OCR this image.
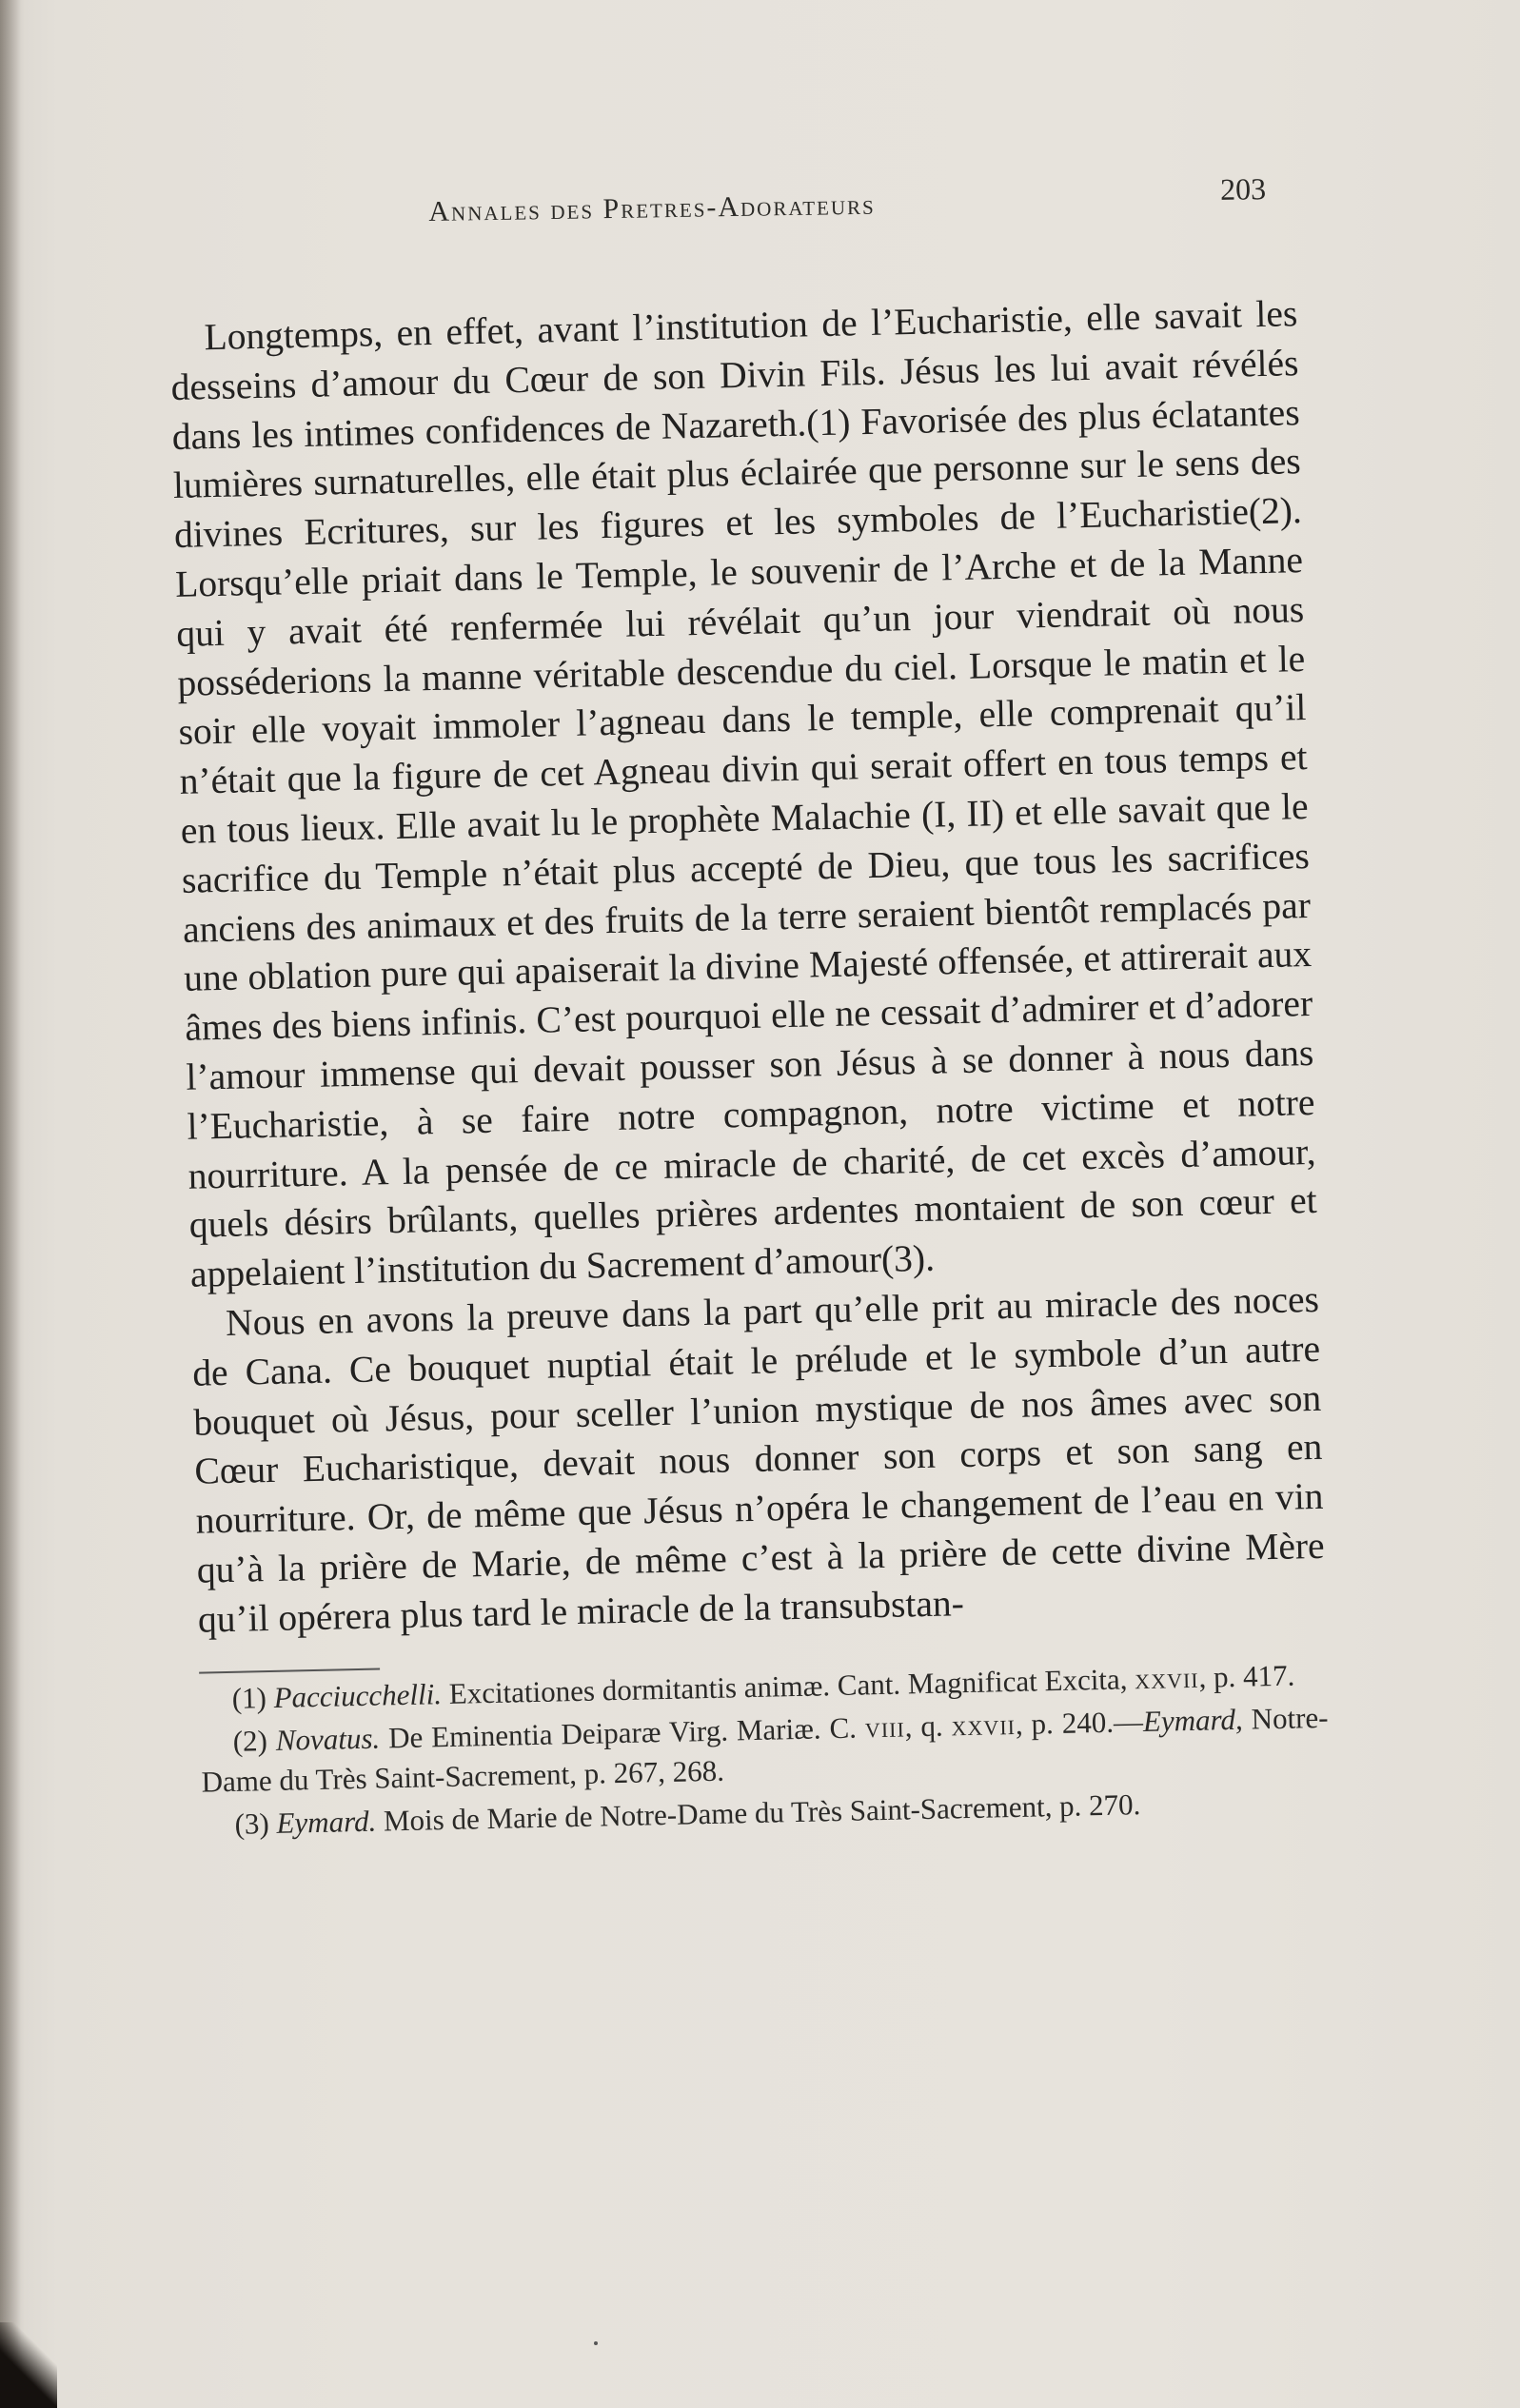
Annales des Pretres-Adorateurs
203

Longtemps, en effet, avant l’institution de l’Eucharistie, elle savait les desseins d’amour du Cœur de son Divin Fils. Jésus les lui avait révélés dans les intimes confidences de Nazareth.(1) Favorisée des plus éclatantes lumières surnaturelles, elle était plus éclairée que personne sur le sens des divines Ecritures, sur les figures et les symboles de l’Eucharistie(2). Lorsqu’elle priait dans le Temple, le souvenir de l’Arche et de la Manne qui y avait été renfermée lui révélait qu’un jour viendrait où nous posséderions la manne véritable descendue du ciel. Lorsque le matin et le soir elle voyait immoler l’agneau dans le temple, elle comprenait qu’il n’était que la figure de cet Agneau divin qui serait offert en tous temps et en tous lieux. Elle avait lu le prophète Malachie (I, II) et elle savait que le sacrifice du Temple n’était plus accepté de Dieu, que tous les sacrifices anciens des animaux et des fruits de la terre seraient bientôt remplacés par une oblation pure qui apaiserait la divine Majesté offensée, et attirerait aux âmes des biens infinis. C’est pourquoi elle ne cessait d’admirer et d’adorer l’amour immense qui devait pousser son Jésus à se donner à nous dans l’Eucharistie, à se faire notre compagnon, notre victime et notre nourriture. A la pensée de ce miracle de charité, de cet excès d’amour, quels désirs brûlants, quelles prières ardentes montaient de son cœur et appelaient l’institution du Sacrement d’amour(3).

Nous en avons la preuve dans la part qu’elle prit au miracle des noces de Cana. Ce bouquet nuptial était le prélude et le symbole d’un autre bouquet où Jésus, pour sceller l’union mystique de nos âmes avec son Cœur Eucharistique, devait nous donner son corps et son sang en nourriture. Or, de même que Jésus n’opéra le changement de l’eau en vin qu’à la prière de Marie, de même c’est à la prière de cette divine Mère qu’il opérera plus tard le miracle de la transubstan-

(1) Pacciucchelli. Excitationes dormitantis animæ. Cant. Magnificat Excita, xxvii, p. 417.

(2) Novatus. De Eminentia Deiparæ Virg. Mariæ. C. viii, q. xxvii, p. 240.—Eymard, Notre-Dame du Très Saint-Sacrement, p. 267, 268.

(3) Eymard. Mois de Marie de Notre-Dame du Très Saint-Sacrement, p. 270.
